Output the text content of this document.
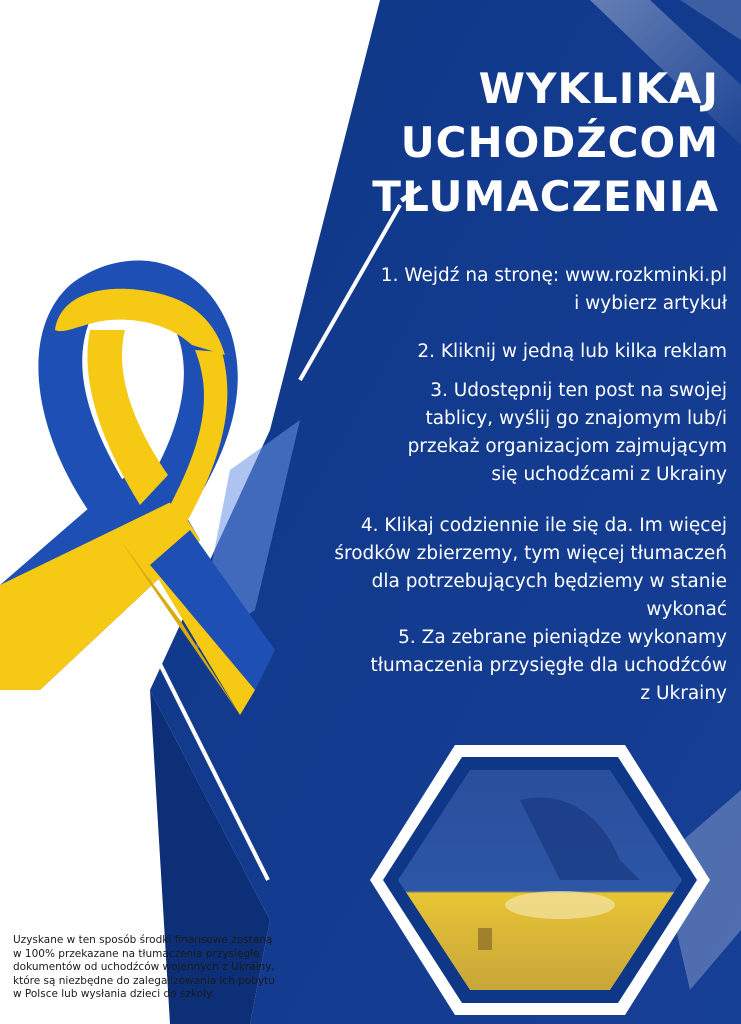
WYKLIKAJ
UCHODŹCOM
TŁUMACZENIA

1. Wejdź na stronę: www.rozkminki.pl
i wybierz artykuł

2. Kliknij w jedną lub kilka reklam

3. Udostępnij ten post na swojej
tablicy, wyślij go znajomym lub/i
przekaż organizacjom zajmującym
się uchodźcami z Ukrainy

4. Klikaj codziennie ile się da. Im więcej
środków zbierzemy, tym więcej tłumaczeń
dla potrzebujących będziemy w stanie
wykonać

5. Za zebrane pieniądze wykonamy
tłumaczenia przysięgłe dla uchodźców
z Ukrainy

Uzyskane w ten sposób środki finansowe zostaną
w 100% przekazane na tłumaczenia przysięgłe
dokumentów od uchodźców wojennych z Ukrainy,
które są niezbędne do zalegalizowania ich pobytu
w Polsce lub wysłania dzieci do szkoły.
